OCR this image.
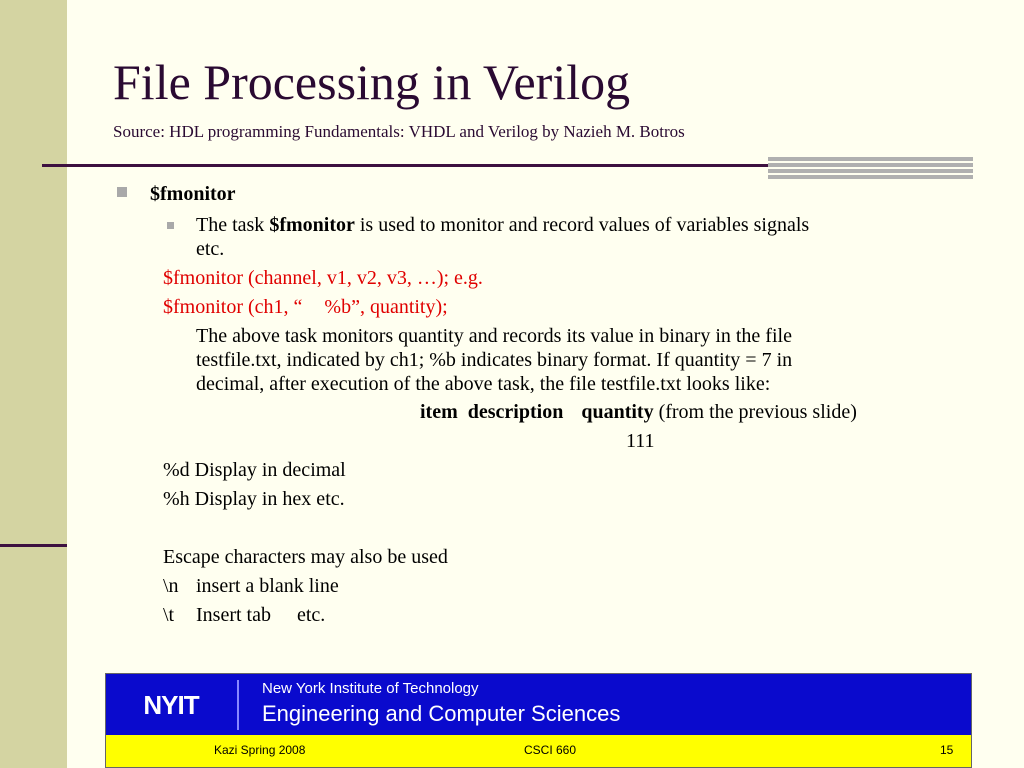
File Processing in Verilog
Source: HDL programming Fundamentals: VHDL and Verilog by Nazieh M. Botros
$fmonitor
The task $fmonitor is used to monitor and record values of variables signals
etc.
$fmonitor (channel, v1, v2, v3, …); e.g.
$fmonitor (ch1, “ %b”, quantity);
The above task monitors quantity and records its value in binary in the file
testfile.txt, indicated by ch1; %b indicates binary format. If quantity = 7 in
decimal, after execution of the above task, the file testfile.txt looks like:
item description quantity (from the previous slide)
111
%d Display in decimal
%h Display in hex etc.
Escape characters may also be used
\n insert a blank line
\t Insert tab etc.
NYIT
New York Institute of Technology
Engineering and Computer Sciences
Kazi Spring 2008	CSCI 660	15
